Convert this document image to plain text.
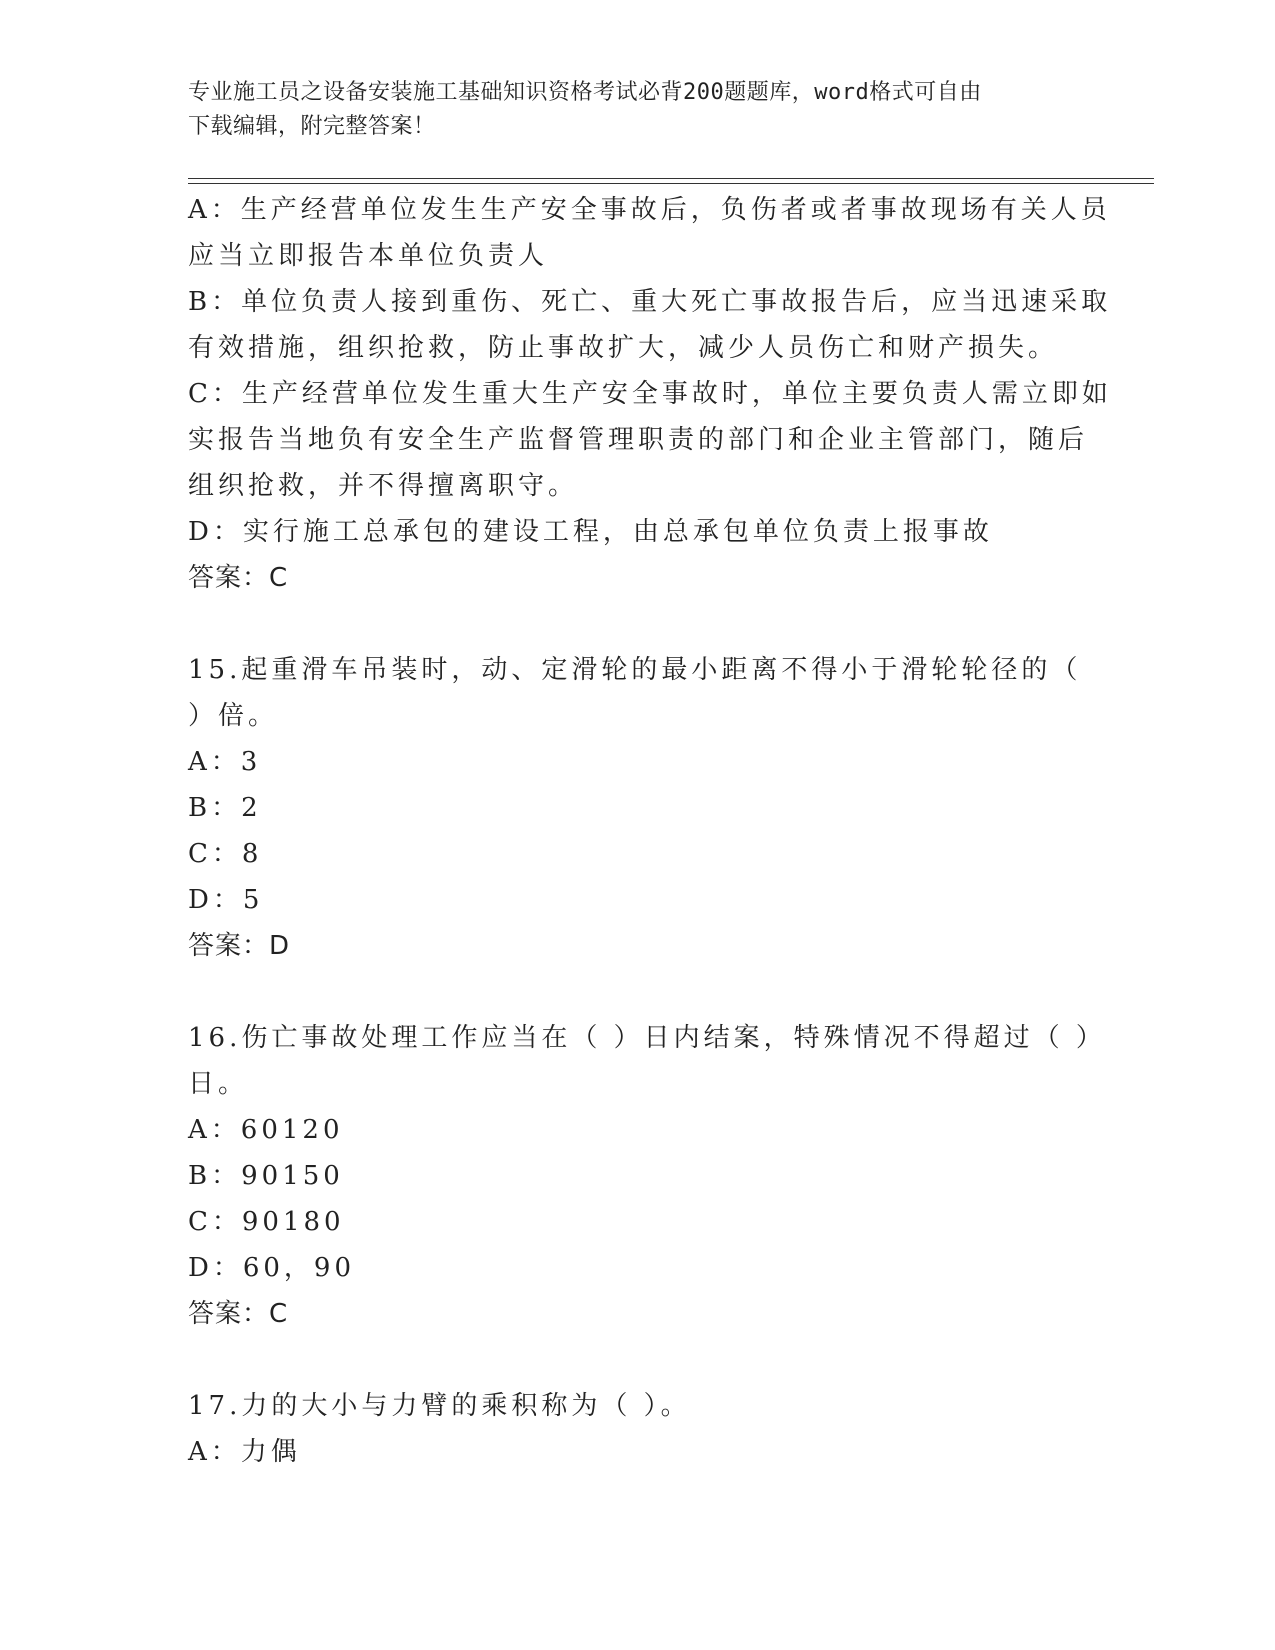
专业施工员之设备安装施工基础知识资格考试必背200题题库，word格式可自由
下载编辑，附完整答案！
A：生产经营单位发生生产安全事故后，负伤者或者事故现场有关人员
应当立即报告本单位负责人
B：单位负责人接到重伤、死亡、重大死亡事故报告后，应当迅速采取
有效措施，组织抢救，防止事故扩大，减少人员伤亡和财产损失。
C：生产经营单位发生重大生产安全事故时，单位主要负责人需立即如
实报告当地负有安全生产监督管理职责的部门和企业主管部门，随后
组织抢救，并不得擅离职守。
D：实行施工总承包的建设工程，由总承包单位负责上报事故
答案：C
15.起重滑车吊装时，动、定滑轮的最小距离不得小于滑轮轮径的（
）倍。
A：3
B：2
C：8
D：5
答案：D
16.伤亡事故处理工作应当在（ ）日内结案，特殊情况不得超过（ ）
日。
A：60120
B：90150
C：90180
D：60，90
答案：C
17.力的大小与力臂的乘积称为（ ）。
A：力偶
